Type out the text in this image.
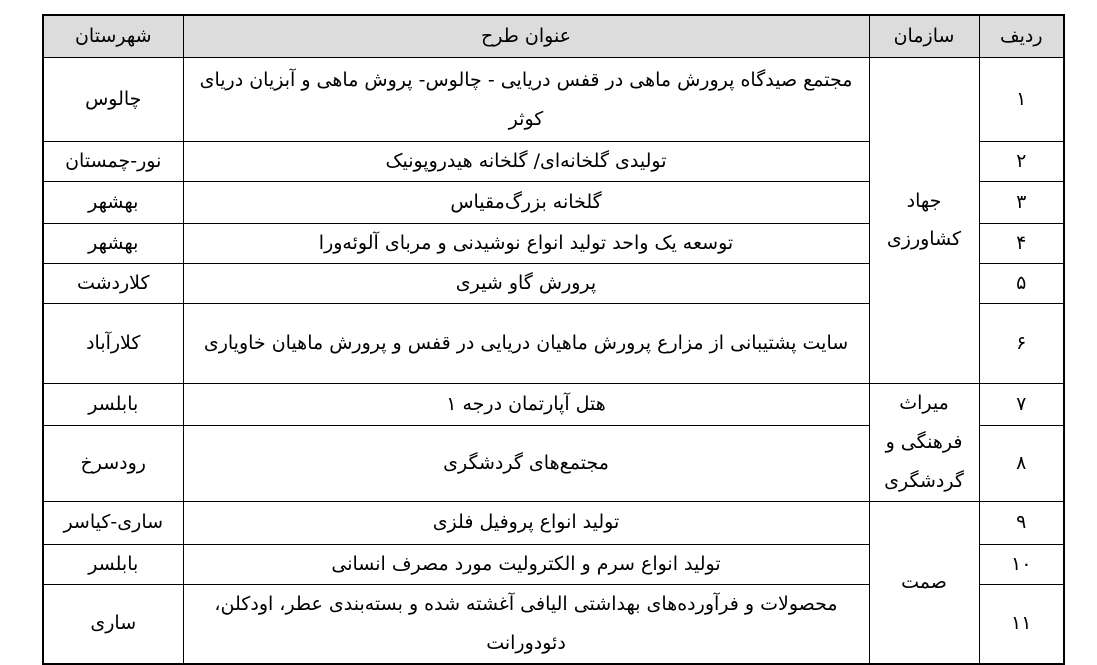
ردیف	سازمان	عنوان طرح	شهرستان
۱	جهاد کشاورزی	مجتمع صیدگاه پرورش ماهی در قفس دریایی - چالوس- پروش ماهی و آبزیان دریای کوثر	چالوس
۲		تولیدی گلخانه‌ای/ گلخانه هیدروپونیک	نور-چمستان
۳		گلخانه بزرگ‌مقیاس	بهشهر
۴		توسعه یک واحد تولید انواع نوشیدنی و مربای آلوئه‌ورا	بهشهر
۵		پرورش گاو شیری	کلاردشت
۶		سایت پشتیبانی از مزارع پرورش ماهیان دریایی در قفس و پرورش ماهیان خاویاری	کلارآباد
۷	میراث فرهنگی و گردشگری	هتل آپارتمان درجه ۱	بابلسر
۸		مجتمع‌های گردشگری	رودسرخ
۹	صمت	تولید انواع پروفیل فلزی	ساری-کیاسر
۱۰		تولید انواع سرم و الکترولیت مورد مصرف انسانی	بابلسر
۱۱		محصولات و فرآورده‌های بهداشتی الیافی آغشته شده و بسته‌بندی عطر، اودکلن، دئودورانت	ساری
